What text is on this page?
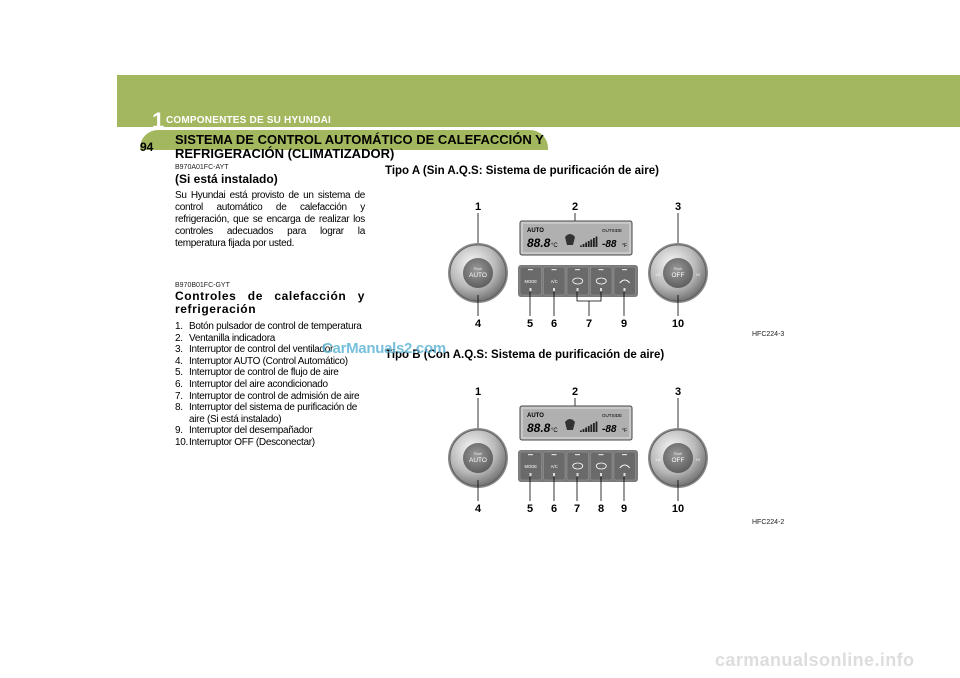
1 COMPONENTES DE SU HYUNDAI
94 SISTEMA DE CONTROL AUTOMÁTICO DE CALEFACCIÓN Y REFRIGERACIÓN (CLIMATIZADOR)
B970A01FC-AYT
(Si está instalado)
Su Hyundai está provisto de un sistema de control automático de calefacción y refrigeración, que se encarga de realizar los controles adecuados para lograr la temperatura fijada por usted.
B970B01FC-GYT
Controles de calefacción y refrigeración
1. Botón pulsador de control de temperatura
2. Ventanilla indicadora
3. Interruptor de control del ventilador
4. Interruptor AUTO (Control Automático)
5. Interruptor de control de flujo de aire
6. Interruptor del aire acondicionado
7. Interruptor de control de admisión de aire
8. Interruptor del sistema de purificación de aire (Si está instalado)
9. Interruptor del desempañador
10. Interruptor OFF (Desconectar)
Tipo A (Sin A.Q.S: Sistema de purificación de aire)
Tipo B (Con A.Q.S: Sistema de purificación de aire)
HFC224-3
HFC224-2
1	2	3
AUTO
88.8 °C
OUTSIDE
-88 °F
Push
AUTO
Push
OFF
LO	HI
MODE	A/C
4	5 6	7	9	10
1	2	3
AUTO
88.8 °C
OUTSIDE
-88 °F
Push
AUTO
Push
OFF
LO	HI
MODE	A/C
4	5 6 7 8 9	10
CarManuals2.com
carmanualsonline.info
